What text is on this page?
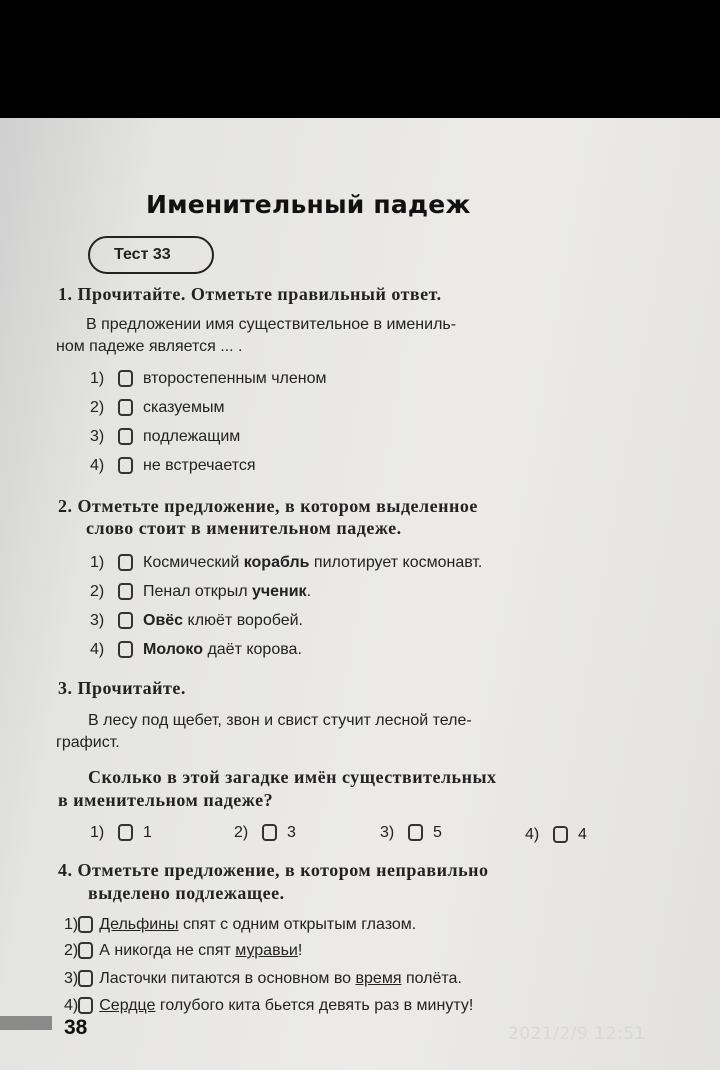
Именительный падеж
Тест 33
1. Прочитайте. Отметьте правильный ответ.
В предложении имя существительное в имениль-
ном падеже является ... .
1) второстепенным членом
2) сказуемым
3) подлежащим
4) не встречается
2. Отметьте предложение, в котором выделенное
слово стоит в именительном падеже.
1) Космический корабль пилотирует космонавт.
2) Пенал открыл ученик.
3) Овёс клюёт воробей.
4) Молоко даёт корова.
3. Прочитайте.
В лесу под щебет, звон и свист стучит лесной теле-
графист.
Сколько в этой загадке имён существительных
в именительном падеже?
1) 1	2) 3	3) 5	4) 4
4. Отметьте предложение, в котором неправильно
выделено подлежащее.
1) Дельфины спят с одним открытым глазом.
2) А никогда не спят муравьи!
3) Ласточки питаются в основном во время полёта.
4) Сердце голубого кита бьется девять раз в минуту!
38	2021/2/9 12:51
